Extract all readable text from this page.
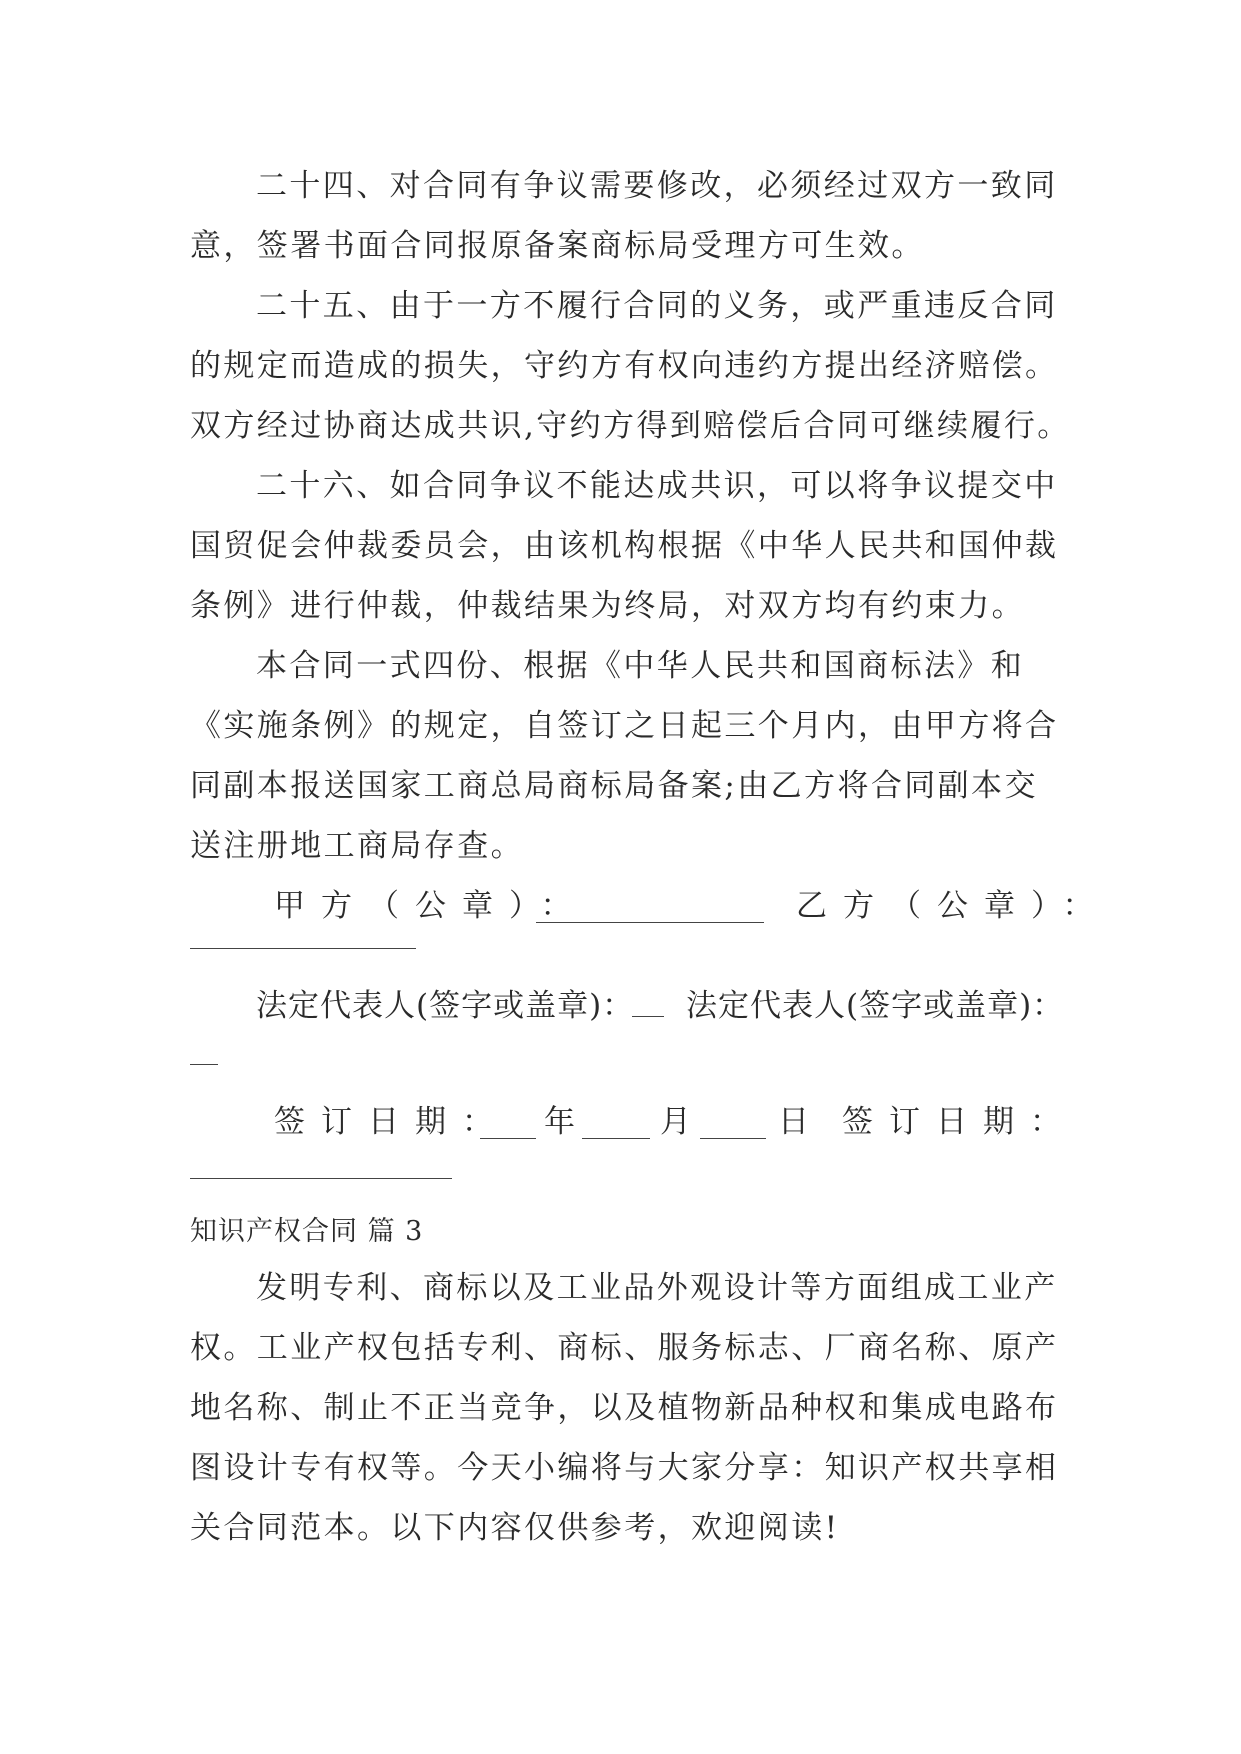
二十四、对合同有争议需要修改，必须经过双方一致同
意，签署书面合同报原备案商标局受理方可生效。
二十五、由于一方不履行合同的义务，或严重违反合同
的规定而造成的损失，守约方有权向违约方提出经济赔偿。
双方经过协商达成共识,守约方得到赔偿后合同可继续履行。
二十六、如合同争议不能达成共识，可以将争议提交中
国贸促会仲裁委员会，由该机构根据《中华人民共和国仲裁
条例》进行仲裁，仲裁结果为终局，对双方均有约束力。
本合同一式四份、根据《中华人民共和国商标法》和
《实施条例》的规定，自签订之日起三个月内，由甲方将合
同副本报送国家工商总局商标局备案;由乙方将合同副本交
送注册地工商局存查。
甲方（公章）：	乙方（公章）：
法定代表人(签字或盖章)： 法定代表人(签字或盖章)：
签订日期： 年	月	日 签订日期：
知识产权合同 篇 3
发明专利、商标以及工业品外观设计等方面组成工业产
权。工业产权包括专利、商标、服务标志、厂商名称、原产
地名称、制止不正当竞争，以及植物新品种权和集成电路布
图设计专有权等。今天小编将与大家分享：知识产权共享相
关合同范本。以下内容仅供参考，欢迎阅读!
